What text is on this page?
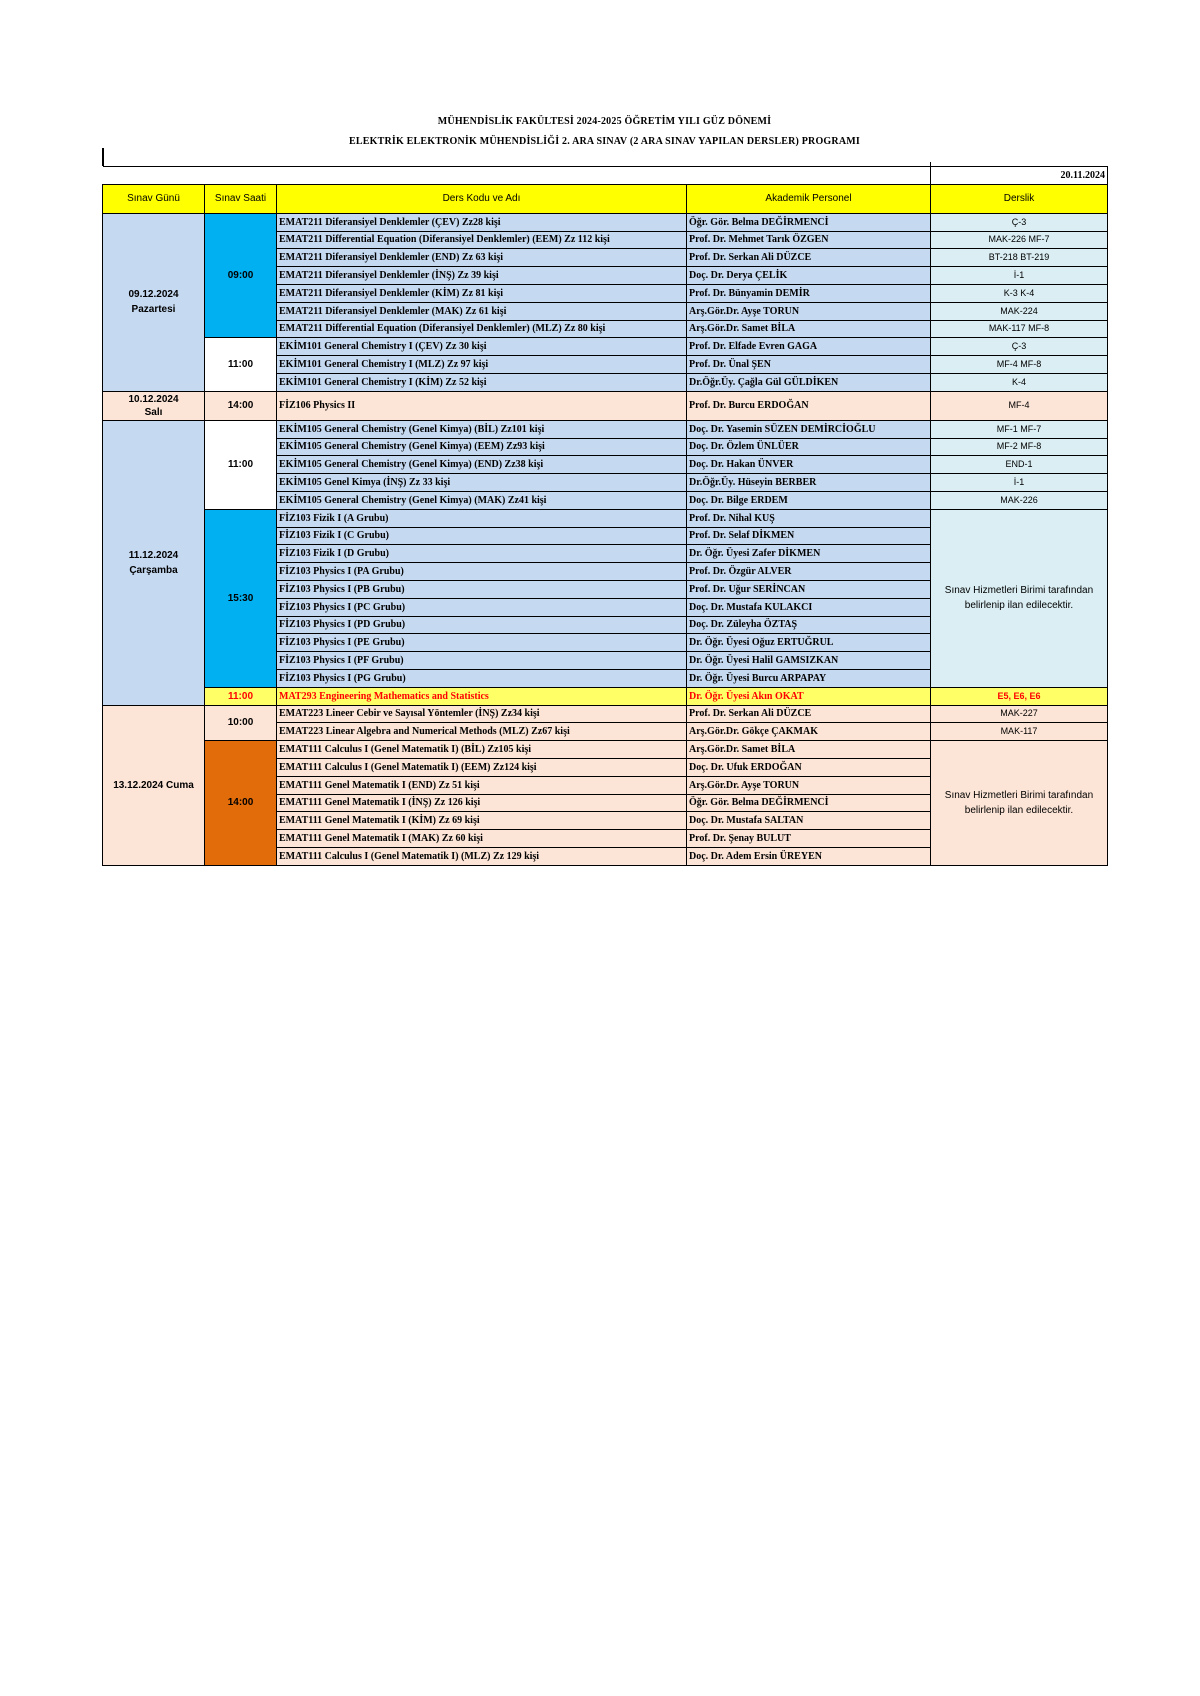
MÜHENDİSLİK FAKÜLTESİ 2024-2025 ÖĞRETİM YILI GÜZ DÖNEMİ
ELEKTRİK ELEKTRONİK MÜHENDİSLİĞİ 2. ARA SINAV (2 ARA SINAV YAPILAN DERSLER) PROGRAMI

				20.11.2024
Sınav Günü	Sınav Saati	Ders Kodu ve Adı	Akademik Personel	Derslik

09.12.2024
Pazartesi	09:00	EMAT211 Diferansiyel Denklemler (ÇEV) Zz28 kişi	Öğr. Gör. Belma DEĞİRMENCİ	Ç-3
		EMAT211 Differential Equation (Diferansiyel Denklemler) (EEM) Zz 112 kişi	Prof. Dr. Mehmet Tarık ÖZGEN	MAK-226 MF-7
		EMAT211 Diferansiyel Denklemler (END) Zz 63 kişi	Prof. Dr. Serkan Ali DÜZCE	BT-218 BT-219
		EMAT211 Diferansiyel Denklemler (İNŞ) Zz 39 kişi	Doç. Dr. Derya ÇELİK	İ-1
		EMAT211 Diferansiyel Denklemler (KİM) Zz 81 kişi	Prof. Dr. Bünyamin DEMİR	K-3 K-4
		EMAT211 Diferansiyel Denklemler (MAK) Zz 61 kişi	Arş.Gör.Dr. Ayşe TORUN	MAK-224
		EMAT211 Differential Equation (Diferansiyel Denklemler) (MLZ) Zz 80 kişi	Arş.Gör.Dr. Samet BİLA	MAK-117 MF-8
	11:00	EKİM101 General Chemistry I (ÇEV) Zz 30 kişi	Prof. Dr. Elfade Evren GAGA	Ç-3
		EKİM101 General Chemistry I (MLZ) Zz 97 kişi	Prof. Dr. Ünal ŞEN	MF-4 MF-8
		EKİM101 General Chemistry I (KİM) Zz 52 kişi	Dr.Öğr.Üy. Çağla Gül GÜLDİKEN	K-4

10.12.2024
Salı	14:00	FİZ106 Physics II	Prof. Dr. Burcu ERDOĞAN	MF-4

11.12.2024
Çarşamba	11:00	EKİM105 General Chemistry (Genel Kimya) (BİL) Zz101 kişi	Doç. Dr. Yasemin SÜZEN DEMİRCİOĞLU	MF-1 MF-7
		EKİM105 General Chemistry (Genel Kimya) (EEM) Zz93 kişi	Doç. Dr. Özlem ÜNLÜER	MF-2 MF-8
		EKİM105 General Chemistry (Genel Kimya) (END) Zz38 kişi	Doç. Dr. Hakan ÜNVER	END-1
		EKİM105 Genel Kimya (İNŞ) Zz 33 kişi	Dr.Öğr.Üy. Hüseyin BERBER	İ-1
		EKİM105 General Chemistry (Genel Kimya) (MAK) Zz41 kişi	Doç. Dr. Bilge ERDEM	MAK-226
	15:30	FİZ103 Fizik I (A Grubu)	Prof. Dr. Nihal KUŞ	Sınav Hizmetleri Birimi tarafından belirlenip ilan edilecektir.
		FİZ103 Fizik I (C Grubu)	Prof. Dr. Selaf DİKMEN	
		FİZ103 Fizik I (D Grubu)	Dr. Öğr. Üyesi Zafer DİKMEN	
		FİZ103 Physics I (PA Grubu)	Prof. Dr. Özgür ALVER	
		FİZ103 Physics I (PB Grubu)	Prof. Dr. Uğur SERİNCAN	
		FİZ103 Physics I (PC Grubu)	Doç. Dr. Mustafa KULAKCI	
		FİZ103 Physics I (PD Grubu)	Doç. Dr. Züleyha ÖZTAŞ	
		FİZ103 Physics I (PE Grubu)	Dr. Öğr. Üyesi Oğuz ERTUĞRUL	
		FİZ103 Physics I (PF Grubu)	Dr. Öğr. Üyesi Halil GAMSIZKAN	
		FİZ103 Physics I (PG Grubu)	Dr. Öğr. Üyesi Burcu ARPAPAY	
	11:00	MAT293 Engineering Mathematics and Statistics	Dr. Öğr. Üyesi Akın OKAT	E5, E6, E6
13.12.2024 Cuma	10:00	EMAT223 Lineer Cebir ve Sayısal Yöntemler (İNŞ) Zz34 kişi	Prof. Dr. Serkan Ali DÜZCE	MAK-227
		EMAT223 Linear Algebra and Numerical Methods (MLZ) Zz67 kişi	Arş.Gör.Dr. Gökçe ÇAKMAK	MAK-117
	14:00	EMAT111 Calculus I (Genel Matematik I) (BİL) Zz105 kişi	Arş.Gör.Dr. Samet BİLA	Sınav Hizmetleri Birimi tarafından belirlenip ilan edilecektir.
		EMAT111 Calculus I (Genel Matematik I) (EEM) Zz124 kişi	Doç. Dr. Ufuk ERDOĞAN	
		EMAT111 Genel Matematik I (END) Zz 51 kişi	Arş.Gör.Dr. Ayşe TORUN	
		EMAT111 Genel Matematik I (İNŞ) Zz 126 kişi	Öğr. Gör. Belma DEĞİRMENCİ	
		EMAT111 Genel Matematik I (KİM) Zz 69 kişi	Doç. Dr. Mustafa SALTAN	
		EMAT111 Genel Matematik I (MAK) Zz 60 kişi	Prof. Dr. Şenay BULUT	
		EMAT111 Calculus I (Genel Matematik I) (MLZ) Zz 129 kişi	Doç. Dr. Adem Ersin ÜREYEN	
